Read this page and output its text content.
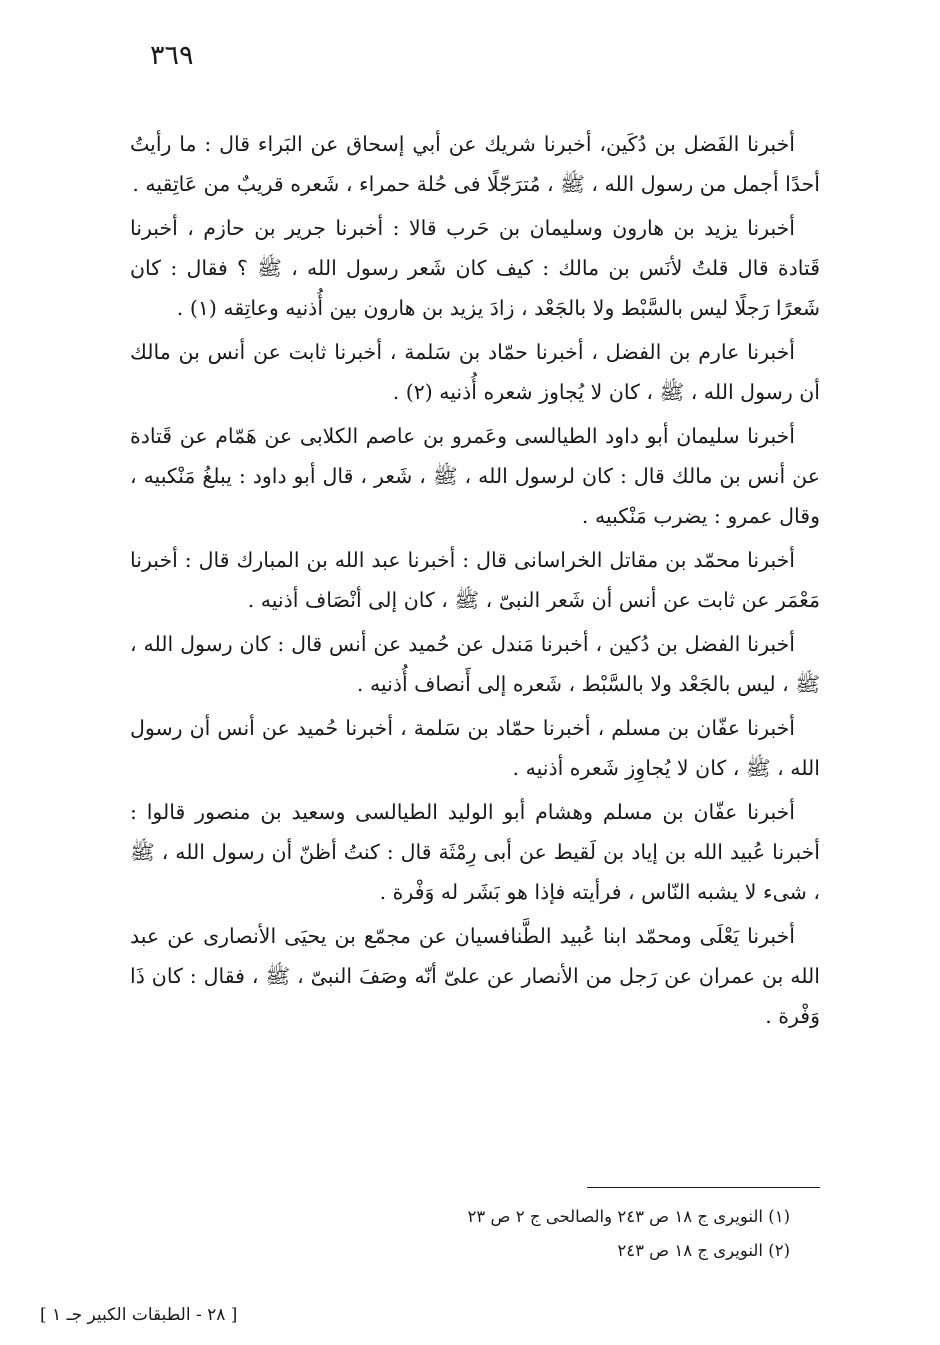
٣٦٩

أخبرنا الفَضل بن دُكَين، أخبرنا شريك عن أبي إسحاق عن البَراء قال : ما رأيتُ أحدًا أجمل من رسول الله ، ﷺ ، مُترَجّلًا فى حُلة حمراء ، شَعره قريبٌ من عَاتِقيه .

أخبرنا يزيد بن هارون وسليمان بن حَرب قالا : أخبرنا جرير بن حازم ، أخبرنا قَتادة قال قلتُ لأنَس بن مالك : كيف كان شَعر رسول الله ، ﷺ ؟ فقال : كان شَعرًا رَجلًا ليس بالسَّبْط ولا بالجَعْد ، زادَ يزيد بن هارون بين أُذنيه وعاتِقه (١) .

أخبرنا عارم بن الفضل ، أخبرنا حمّاد بن سَلمة ، أخبرنا ثابت عن أنس بن مالك أن رسول الله ، ﷺ ، كان لا يُجاوز شعره أُذنيه (٢) .

أخبرنا سليمان أبو داود الطيالسى وعَمرو بن عاصم الكلابى عن هَمّام عن قَتادة عن أنس بن مالك قال : كان لرسول الله ، ﷺ ، شَعر ، قال أبو داود : يبلغُ مَنْكبيه ، وقال عمرو : يضرب مَنْكبيه .

أخبرنا محمّد بن مقاتل الخراسانى قال : أخبرنا عبد الله بن المبارك قال : أخبرنا مَعْمَر عن ثابت عن أنس أن شَعر النبىّ ، ﷺ ، كان إلى أنْصَاف أذنيه .

أخبرنا الفضل بن دُكين ، أخبرنا مَندل عن حُميد عن أنس قال : كان رسول الله ، ﷺ ، ليس بالجَعْد ولا بالسَّبْط ، شَعره إلى أَنصاف أُذنيه .

أخبرنا عفّان بن مسلم ، أخبرنا حمّاد بن سَلمة ، أخبرنا حُميد عن أنس أن رسول الله ، ﷺ ، كان لا يُجاوِز شَعره أذنيه .

أخبرنا عفّان بن مسلم وهشام أبو الوليد الطيالسى وسعيد بن منصور قالوا : أخبرنا عُبيد الله بن إياد بن لَقيط عن أبى رِمْثَة قال : كنتُ أظنّ أن رسول الله ، ﷺ ، شىء لا يشبه النّاس ، فرأيته فإذا هو بَشَر له وَفْرة .

أخبرنا يَعْلَى ومحمّد ابنا عُبيد الطَّنافسيان عن مجمّع بن يحيَى الأنصارى عن عبد الله بن عمران عن رَجل من الأنصار عن علىّ أنّه وصَفَ النبىّ ، ﷺ ، فقال : كان ذَا وَفْرة .

(١) النويرى ج ١٨ ص ٢٤٣ والصالحى ج ٢ ص ٢٣

(٢) النويرى ج ١٨ ص ٢٤٣

[ ٢٨ - الطبقات الكبير جـ ١ ]
